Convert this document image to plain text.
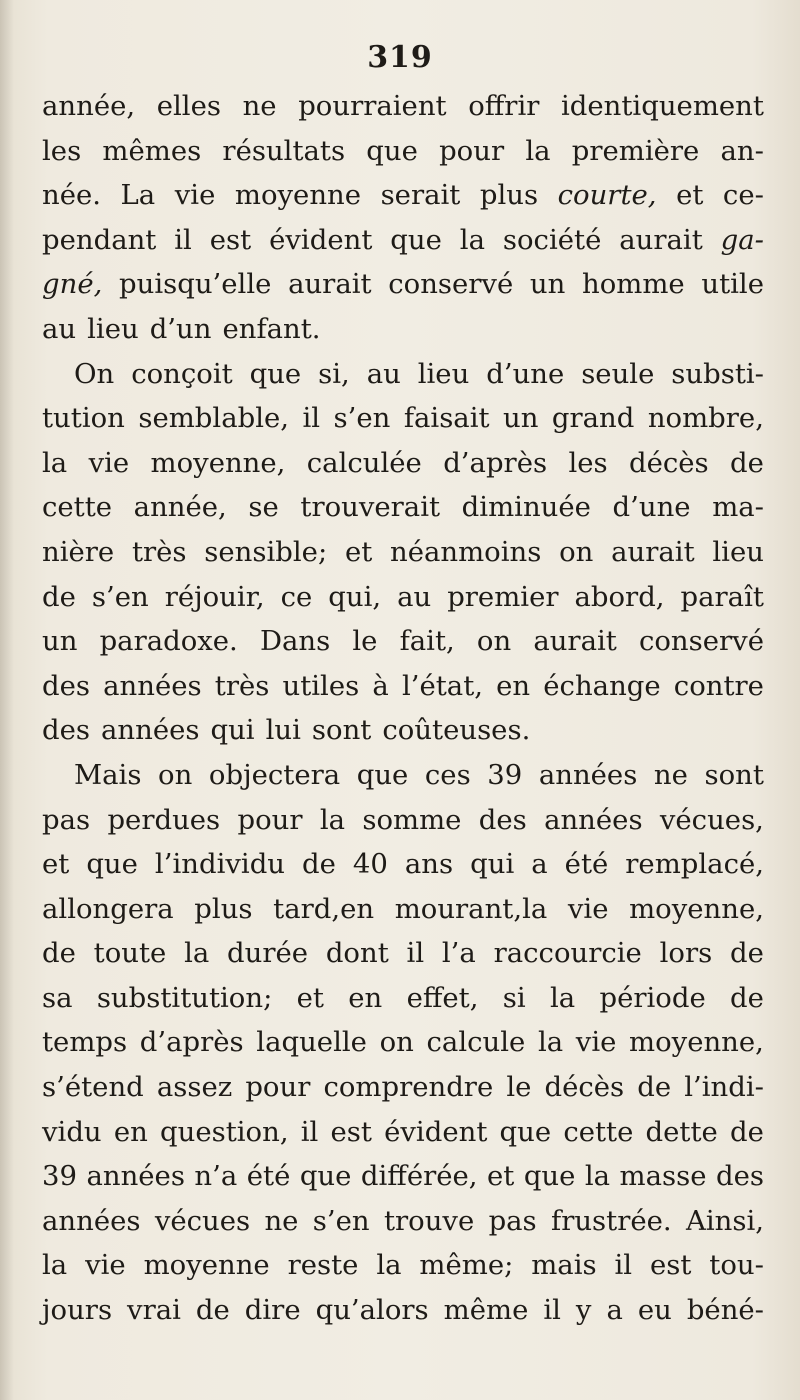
319
année, elles ne pourraient offrir identiquement
les mêmes résultats que pour la première an-
née. La vie moyenne serait plus courte, et ce-
pendant il est évident que la société aurait ga-
gné, puisqu’elle aurait conservé un homme utile
au lieu d’un enfant.
On conçoit que si, au lieu d’une seule substi-
tution semblable, il s’en faisait un grand nombre,
la vie moyenne, calculée d’après les décès de
cette année, se trouverait diminuée d’une ma-
nière très sensible; et néanmoins on aurait lieu
de s’en réjouir, ce qui, au premier abord, paraît
un paradoxe. Dans le fait, on aurait conservé
des années très utiles à l’état, en échange contre
des années qui lui sont coûteuses.
Mais on objectera que ces 39 années ne sont
pas perdues pour la somme des années vécues,
et que l’individu de 40 ans qui a été remplacé,
allongera plus tard,en mourant,la vie moyenne,
de toute la durée dont il l’a raccourcie lors de
sa substitution; et en effet, si la période de
temps d’après laquelle on calcule la vie moyenne,
s’étend assez pour comprendre le décès de l’indi-
vidu en question, il est évident que cette dette de
39 années n’a été que différée, et que la masse des
années vécues ne s’en trouve pas frustrée. Ainsi,
la vie moyenne reste la même; mais il est tou-
jours vrai de dire qu’alors même il y a eu béné-
